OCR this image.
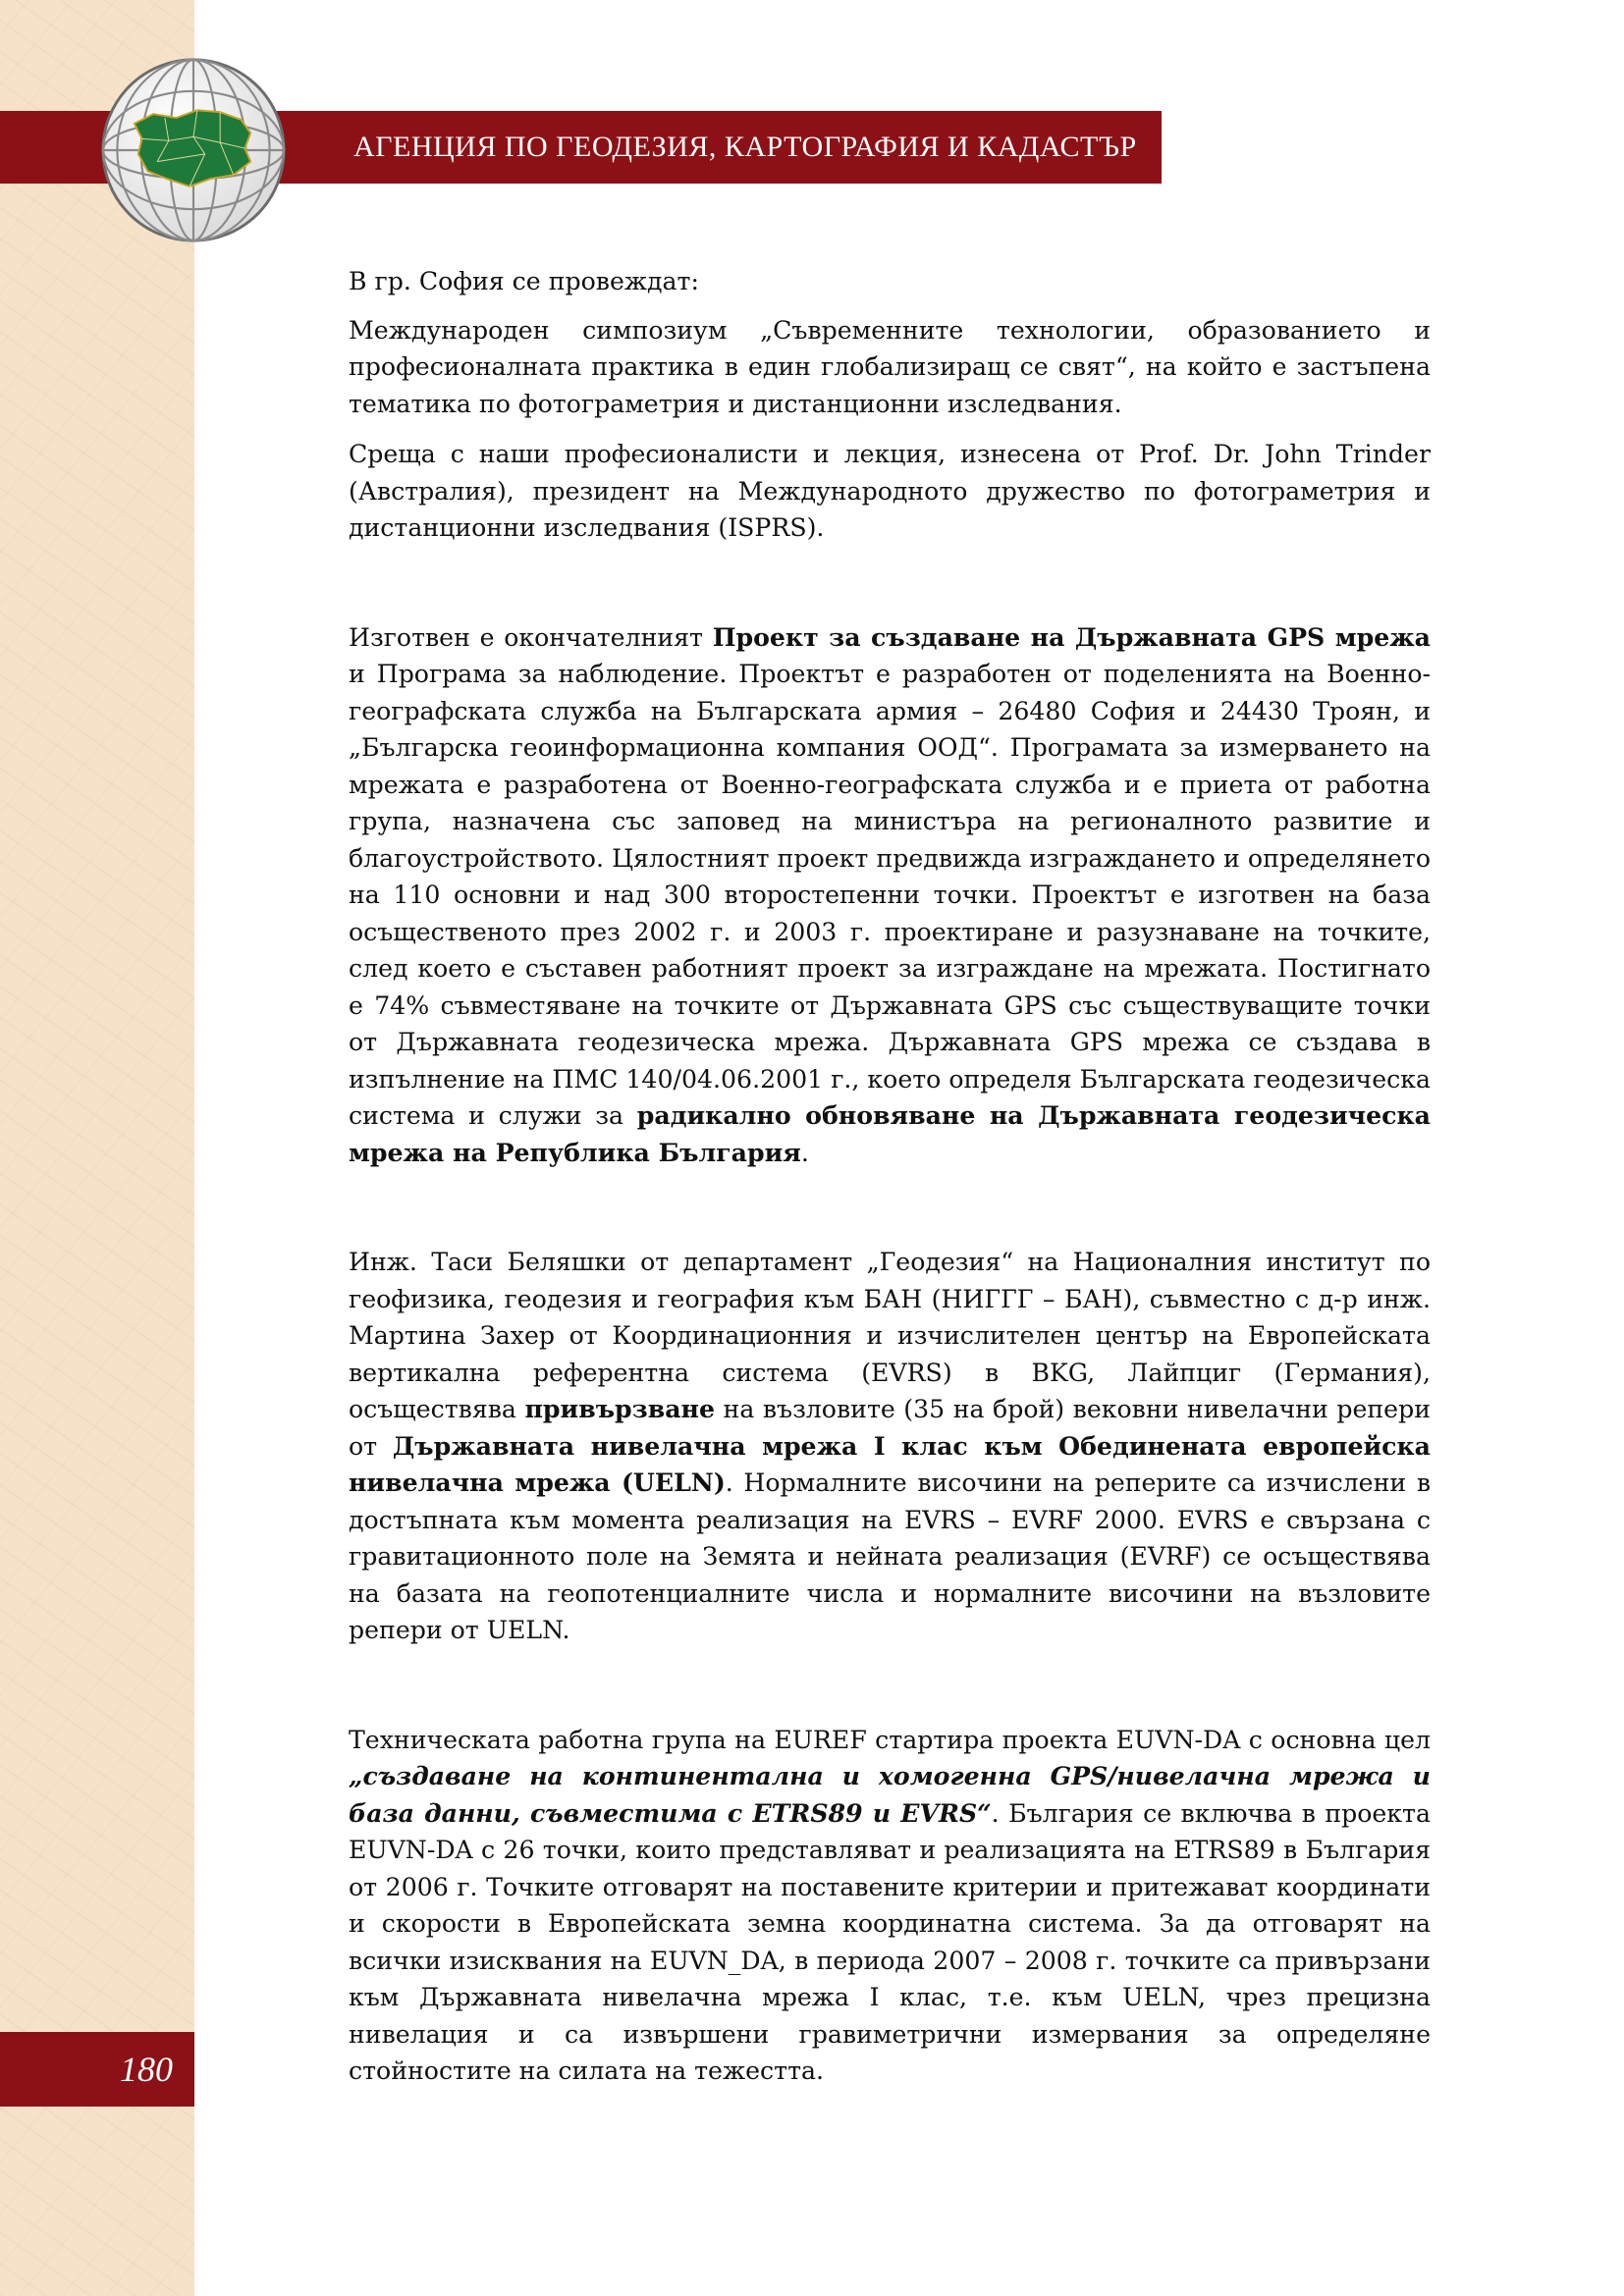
АГЕНЦИЯ ПО ГЕОДЕЗИЯ, КАРТОГРАФИЯ И КАДАСТЪР

В гр. София се провеждат:

Международен симпозиум „Съвременните технологии, образованието и професионалната практика в един глобализиращ се свят“, на който е застъпена тематика по фотограметрия и дистанционни изследвания.

Среща с наши професионалисти и лекция, изнесена от Prof. Dr. John Trinder (Австралия), президент на Международното дружество по фотограметрия и дистанционни изследвания (ISPRS).

Изготвен е окончателният Проект за създаване на Държавната GPS мрежа и Програма за наблюдение. Проектът е разработен от поделенията на Военно-географската служба на Българската армия – 26480 София и 24430 Троян, и „Българска геоинформационна компания ООД“. Програмата за измерването на мрежата е разработена от Военно-географската служба и е приета от работна група, назначена със заповед на министъра на регионалното развитие и благоустройството. Цялостният проект предвижда изграждането и определянето на 110 основни и над 300 второстепенни точки. Проектът е изготвен на база осъщественото през 2002 г. и 2003 г. проектиране и разузнаване на точките, след което е съставен работният проект за изграждане на мрежата. Постигнато е 74% съвместяване на точките от Държавната GPS със съществуващите точки от Държавната геодезическа мрежа. Държавната GPS мрежа се създава в изпълнение на ПМС 140/04.06.2001 г., което определя Българската геодезическа система и служи за радикално обновяване на Държавната геодезическа мрежа на Република България.

Инж. Таси Беляшки от департамент „Геодезия“ на Националния институт по геофизика, геодезия и география към БАН (НИГГГ – БАН), съвместно с д-р инж. Мартина Захер от Координационния и изчислителен център на Европейската вертикална референтна система (EVRS) в BKG, Лайпциг (Германия), осъществява привързване на възловите (35 на брой) вековни нивелачни репери от Държавната нивелачна мрежа I клас към Обединената европейска нивелачна мрежа (UELN). Нормалните височини на реперите са изчислени в достъпната към момента реализация на EVRS – EVRF 2000. EVRS е свързана с гравитационното поле на Земята и нейната реализация (EVRF) се осъществява на базата на геопотенциалните числа и нормалните височини на възловите репери от UELN.

Техническата работна група на EUREF стартира проекта EUVN-DA с основна цел „създаване на континентална и хомогенна GPS/нивелачна мрежа и база данни, съвместима с ETRS89 и EVRS“. България се включва в проекта EUVN-DA с 26 точки, които представляват и реализацията на ETRS89 в България от 2006 г. Точките отговарят на поставените критерии и притежават координати и скорости в Европейската земна координатна система. За да отговарят на всички изисквания на EUVN_DA, в периода 2007 – 2008 г. точките са привързани към Държавната нивелачна мрежа I клас, т.е. към UELN, чрез прецизна нивелация и са извършени гравиметрични измервания за определяне стойностите на силата на тежестта.

180
